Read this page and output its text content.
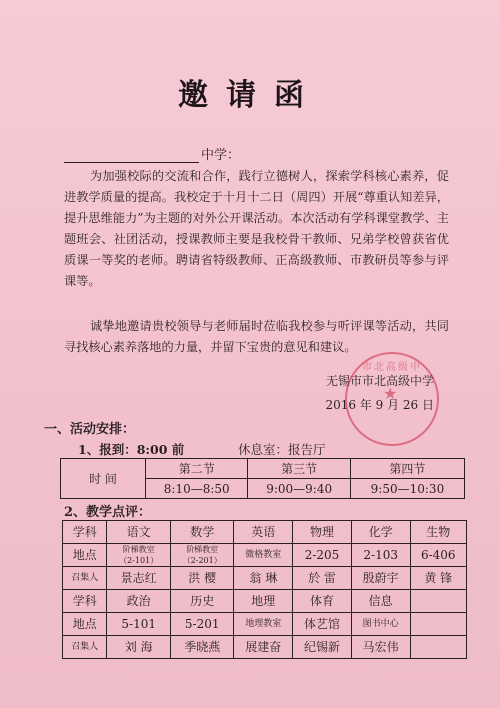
邀请函
中学：
为加强校际的交流和合作，践行立德树人，探索学科核心素养，促进教学质量的提高。我校定于十月十二日（周四）开展“尊重认知差异，提升思维能力”为主题的对外公开课活动。本次活动有学科课堂教学、主题班会、社团活动，授课教师主要是我校骨干教师、兄弟学校曾获省优质课一等奖的老师。聘请省特级教师、正高级教师、市教研员等参与评课等。
诚挚地邀请贵校领导与老师届时莅临我校参与听评课等活动，共同寻找核心素养落地的力量，并留下宝贵的意见和建议。
无锡市市北高级中学
2016 年 9 月 26 日
市北高级中
★
一、活动安排：
1、报到：8:00 前	休息室：报告厅
时 间	第二节	第三节	第四节
	8:10—8:50	9:00—9:40	9:50—10:30
2、教学点评：
学科	语文	数学	英语	物理	化学	生物
地点	阶梯教室
（2-101）	阶梯教室
（2-201）	微格教室	2-205	2-103	6-406
召集人	景志红	洪 樱	翁 琳	於 雷	殷蔚宇	黄 锋
学科	政治	历史	地理	体育	信息	
地点	5-101	5-201	地理教室	体艺馆	图书中心	
召集人	刘 海	季晓燕	展建奋	纪锡新	马宏伟	
